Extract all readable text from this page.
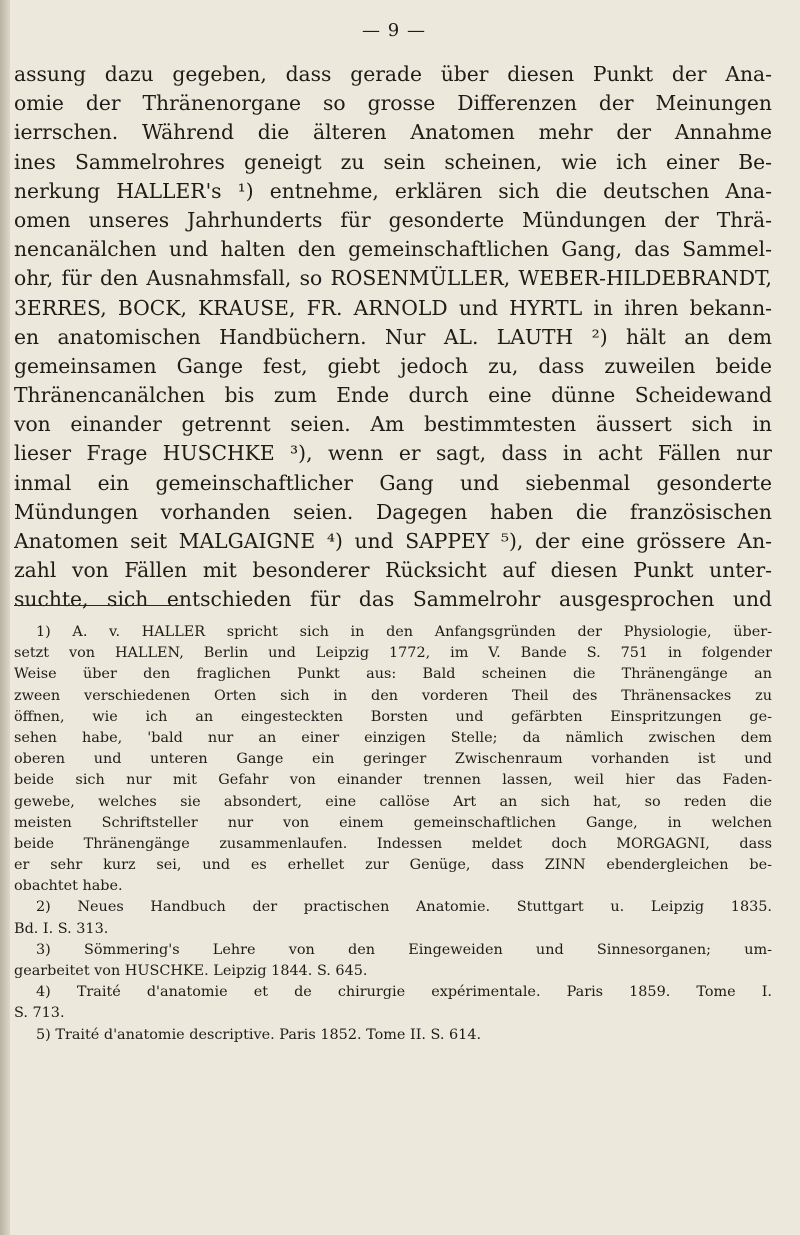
— 9 —
assung dazu gegeben, dass gerade über diesen Punkt der Ana-
omie der Thränenorgane so grosse Differenzen der Meinungen
ierrschen. Während die älteren Anatomen mehr der Annahme
ines Sammelrohres geneigt zu sein scheinen, wie ich einer Be-
nerkung HALLER's ¹) entnehme, erklären sich die deutschen Ana-
omen unseres Jahrhunderts für gesonderte Mündungen der Thrä-
nencanälchen und halten den gemeinschaftlichen Gang, das Sammel-
ohr, für den Ausnahmsfall, so ROSENMÜLLER, WEBER-HILDEBRANDT,
3ERRES, BOCK, KRAUSE, FR. ARNOLD und HYRTL in ihren bekann-
en anatomischen Handbüchern. Nur AL. LAUTH ²) hält an dem
gemeinsamen Gange fest, giebt jedoch zu, dass zuweilen beide
Thränencanälchen bis zum Ende durch eine dünne Scheidewand
von einander getrennt seien. Am bestimmtesten äussert sich in
lieser Frage HUSCHKE ³), wenn er sagt, dass in acht Fällen nur
inmal ein gemeinschaftlicher Gang und siebenmal gesonderte
Mündungen vorhanden seien. Dagegen haben die französischen
Anatomen seit MALGAIGNE ⁴) und SAPPEY ⁵), der eine grössere An-
zahl von Fällen mit besonderer Rücksicht auf diesen Punkt unter-
suchte, sich entschieden für das Sammelrohr ausgesprochen und
1) A. v. HALLER spricht sich in den Anfangsgründen der Physiologie, über-
setzt von HALLEN, Berlin und Leipzig 1772, im V. Bande S. 751 in folgender
Weise über den fraglichen Punkt aus: Bald scheinen die Thränengänge an
zween verschiedenen Orten sich in den vorderen Theil des Thränensackes zu
öffnen, wie ich an eingesteckten Borsten und gefärbten Einspritzungen ge-
sehen habe, 'bald nur an einer einzigen Stelle; da nämlich zwischen dem
oberen und unteren Gange ein geringer Zwischenraum vorhanden ist und
beide sich nur mit Gefahr von einander trennen lassen, weil hier das Faden-
gewebe, welches sie absondert, eine callöse Art an sich hat, so reden die
meisten Schriftsteller nur von einem gemeinschaftlichen Gange, in welchen
beide Thränengänge zusammenlaufen. Indessen meldet doch MORGAGNI, dass
er sehr kurz sei, und es erhellet zur Genüge, dass ZINN ebendergleichen be-
obachtet habe.
2) Neues Handbuch der practischen Anatomie. Stuttgart u. Leipzig 1835.
Bd. I. S. 313.
3) Sömmering's Lehre von den Eingeweiden und Sinnesorganen; um-
gearbeitet von HUSCHKE. Leipzig 1844. S. 645.
4) Traité d'anatomie et de chirurgie expérimentale. Paris 1859. Tome I.
S. 713.
5) Traité d'anatomie descriptive. Paris 1852. Tome II. S. 614.
